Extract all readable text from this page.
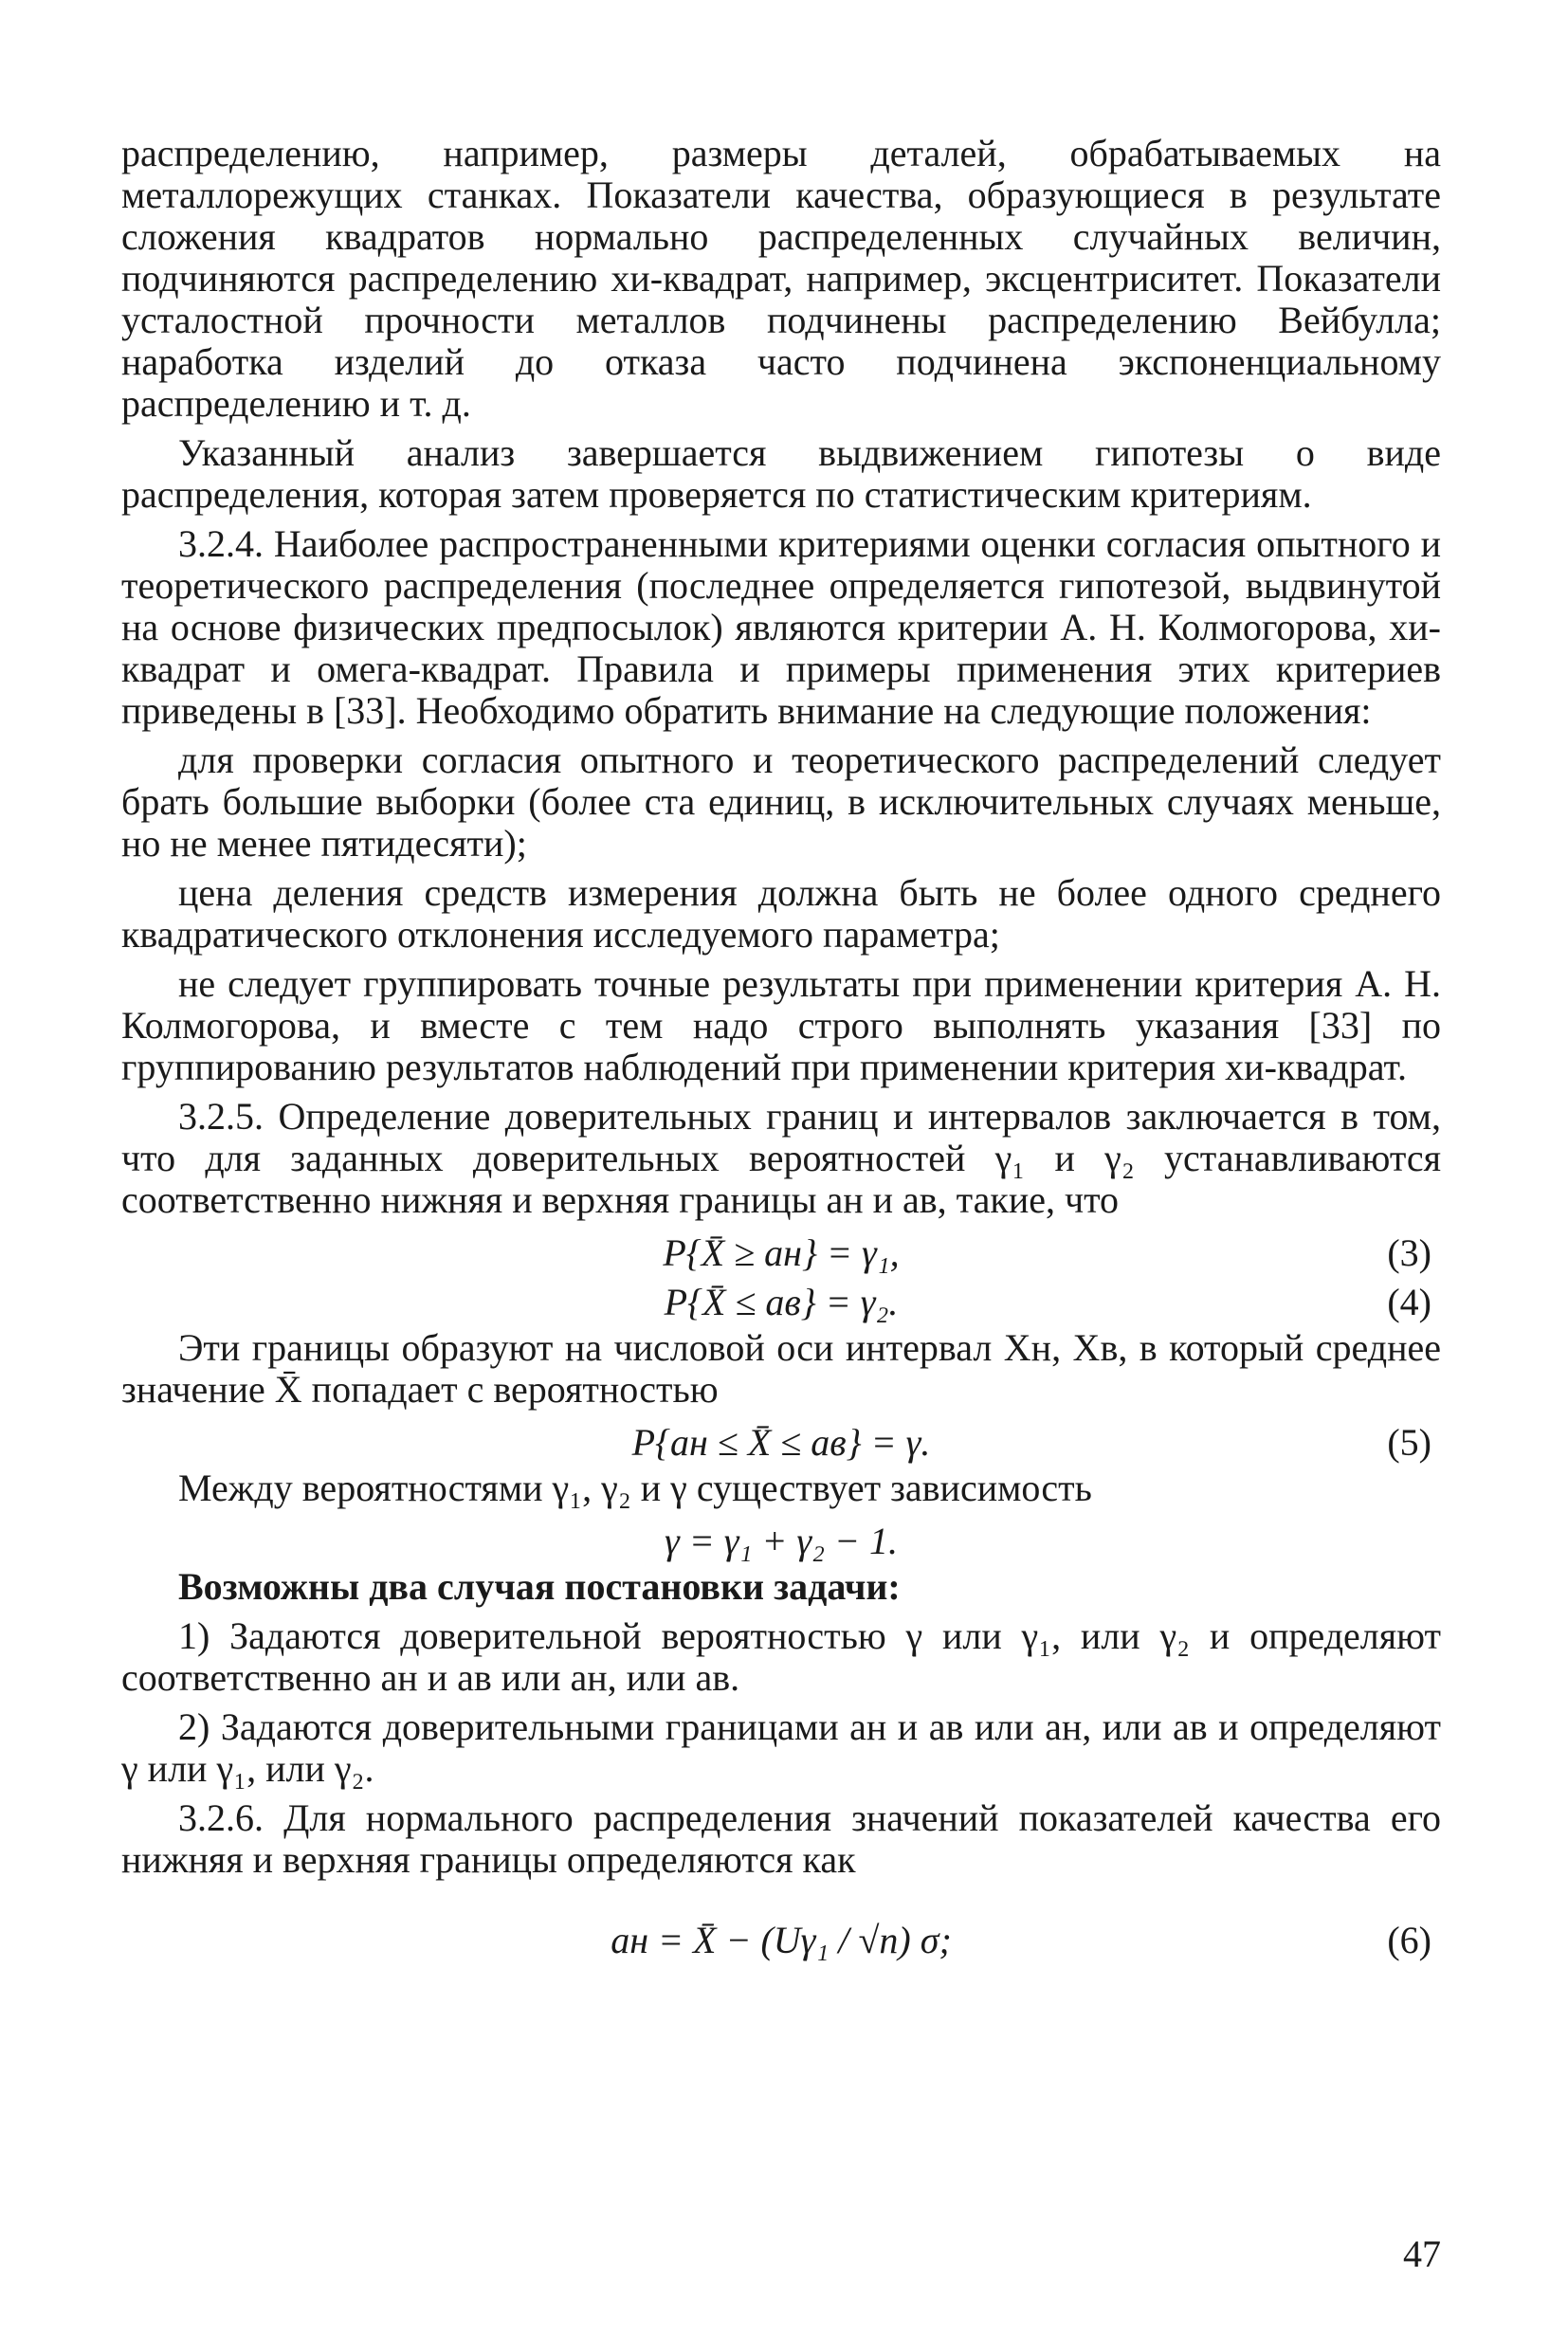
распределению, например, размеры деталей, обрабатываемых на металлорежущих станках. Показатели качества, образующиеся в результате сложения квадратов нормально распределенных случайных величин, подчиняются распределению хи-квадрат, например, эксцентриситет. Показатели усталостной прочности металлов подчинены распределению Вейбулла; наработка изделий до отказа часто подчинена экспоненциальному распределению и т. д.

Указанный анализ завершается выдвижением гипотезы о виде распределения, которая затем проверяется по статистическим критериям.

3.2.4. Наиболее распространенными критериями оценки согласия опытного и теоретического распределения (последнее определяется гипотезой, выдвинутой на основе физических предпосылок) являются критерии А. Н. Колмогорова, хи-квадрат и омега-квадрат. Правила и примеры применения этих критериев приведены в [33]. Необходимо обратить внимание на следующие положения:

для проверки согласия опытного и теоретического распределений следует брать большие выборки (более ста единиц, в исключительных случаях меньше, но не менее пятидесяти);

цена деления средств измерения должна быть не более одного среднего квадратического отклонения исследуемого параметра;

не следует группировать точные результаты при применении критерия А. Н. Колмогорова, и вместе с тем надо строго выполнять указания [33] по группированию результатов наблюдений при применении критерия хи-квадрат.

3.2.5. Определение доверительных границ и интервалов заключается в том, что для заданных доверительных вероятностей γ₁ и γ₂ устанавливаются соответственно нижняя и верхняя границы aн и aв, такие, что

P{X̄ ≥ aн} = γ₁,	(3)
P{X̄ ≤ aв} = γ₂.	(4)

Эти границы образуют на числовой оси интервал Xн, Xв, в который среднее значение X̄ попадает с вероятностью

P{aн ≤ X̄ ≤ aв} = γ.	(5)

Между вероятностями γ₁, γ₂ и γ существует зависимость

γ = γ₁ + γ₂ − 1.

Возможны два случая постановки задачи:

1) Задаются доверительной вероятностью γ или γ₁, или γ₂ и определяют соответственно aн и aв или aн, или aв.

2) Задаются доверительными границами aн и aв или aн, или aв и определяют γ или γ₁, или γ₂.

3.2.6. Для нормального распределения значений показателей качества его нижняя и верхняя границы определяются как

aн = X̄ − (Uγ₁ / √n) σ;	(6)
47
